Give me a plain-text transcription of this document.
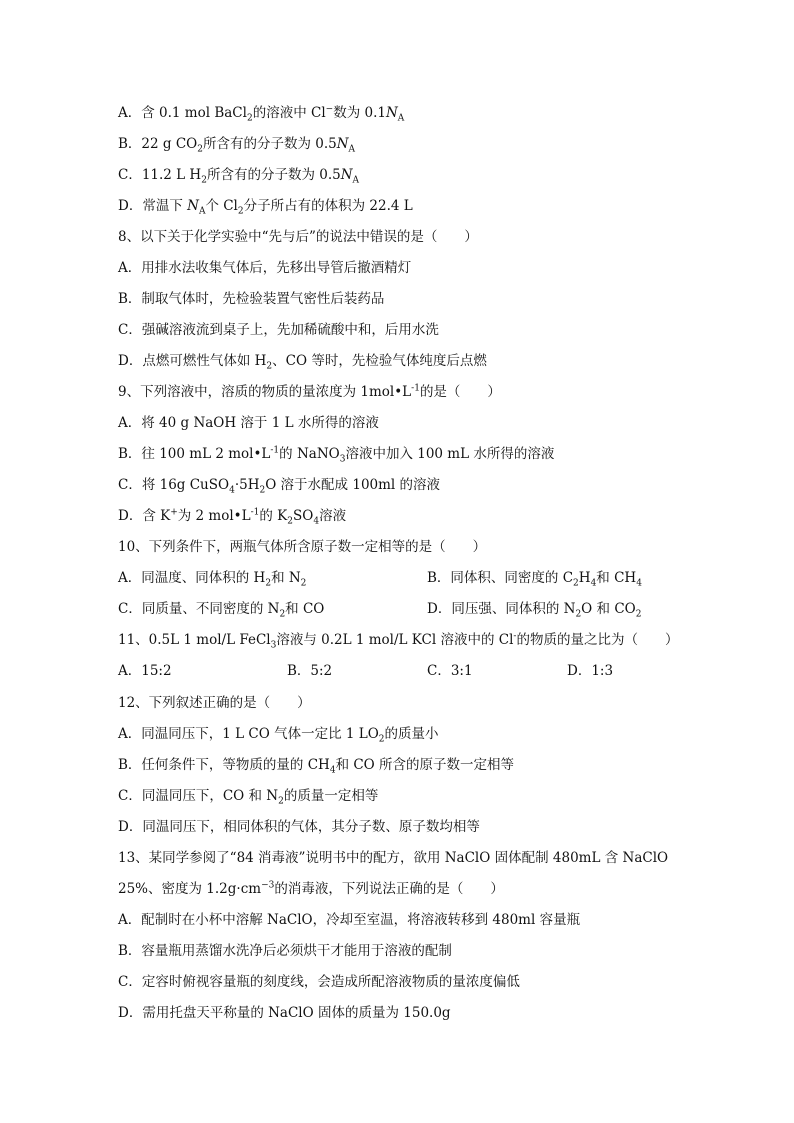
A．含 0.1 mol BaCl$_2$的溶液中 Cl−数为 $0.1N_A$
B．22 g $CO_2$所含有的分子数为 $0.5N_A$
C．11.2 L $H_2$所含有的分子数为 $0.5N_A$
D．常温下 $N_A$个 $Cl_2$分子所占有的体积为 22.4 L
8、以下关于化学实验中“先与后”的说法中错误的是（　　）
A．用排水法收集气体后，先移出导管后撤酒精灯
B．制取气体时，先检验装置气密性后装药品
C．强碱溶液流到桌子上，先加稀硫酸中和，后用水洗
D．点燃可燃性气体如 $H_2$、CO 等时，先检验气体纯度后点燃
9、下列溶液中，溶质的物质的量浓度为 $1mol•L^{-1}$的是（　　）
A．将 40 g NaOH 溶于 1 L 水所得的溶液
B．往 100 mL 2 $mol•L^{-1}$的 NaNO$_3$溶液中加入 100 mL 水所得的溶液
C．将 16g $CuSO_4\cdot 5H_2O$ 溶于水配成 100ml 的溶液
D．含 K+为 2 $mol•L^{-1}$的 $K_2SO_4$溶液
10、下列条件下，两瓶气体所含原子数一定相等的是（　　）
A．同温度、同体积的 $H_2$和 $N_2$	B．同体积、同密度的 $C_2H_4$和 $CH_4$
C．同质量、不同密度的 $N_2$和 CO	D．同压强、同体积的 $N_2O$ 和 $CO_2$
11、0.5L 1 mol/L FeCl$_3$溶液与 0.2L 1 mol/L KCl 溶液中的 Cl-的物质的量之比为（　　）
A．15:2	B．5:2	C．3:1	D．1:3
12、下列叙述正确的是（　　）
A．同温同压下，1 L CO 气体一定比 1 $LO_2$的质量小
B．任何条件下，等物质的量的 $CH_4$和 CO 所含的原子数一定相等
C．同温同压下，CO 和 $N_2$的质量一定相等
D．同温同压下，相同体积的气体，其分子数、原子数均相等
13、某同学参阅了“84 消毒液”说明书中的配方，欲用 NaClO 固体配制 480mL 含 NaClO
25%、密度为 $1.2g\cdot cm^{-3}$的消毒液，下列说法正确的是（　　）
A．配制时在小杯中溶解 NaClO，冷却至室温，将溶液转移到 480ml 容量瓶
B．容量瓶用蒸馏水洗净后必须烘干才能用于溶液的配制
C．定容时俯视容量瓶的刻度线，会造成所配溶液物质的量浓度偏低
D．需用托盘天平称量的 NaClO 固体的质量为 150.0g
